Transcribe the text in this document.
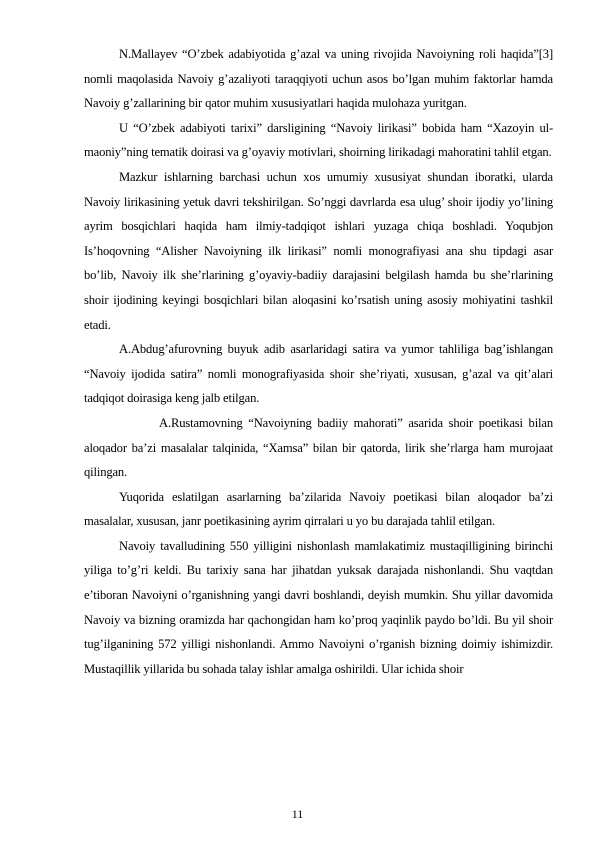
N.Mallayev “O’zbek adabiyotida g’azal va uning rivojida Navoiyning roli haqida”[3] nomli maqolasida Navoiy g’azaliyoti taraqqiyoti uchun asos bo’lgan muhim faktorlar hamda Navoiy g’zallarining bir qator muhim xususiyatlari haqida mulohaza yuritgan.

U “O’zbek adabiyoti tarixi” darsligining “Navoiy lirikasi” bobida ham “Xazoyin ul-maoniy”ning tematik doirasi va g’oyaviy motivlari, shoirning lirikadagi mahoratini tahlil etgan.

Mazkur ishlarning barchasi uchun xos umumiy xususiyat shundan iboratki, ularda Navoiy lirikasining yetuk davri tekshirilgan. So’nggi davrlarda esa ulug’ shoir ijodiy yo’lining ayrim bosqichlari haqida ham ilmiy-tadqiqot ishlari yuzaga chiqa boshladi. Yoqubjon Is’hoqovning “Alisher Navoiyning ilk lirikasi” nomli monografiyasi ana shu tipdagi asar bo’lib, Navoiy ilk she’rlarining g’oyaviy-badiiy darajasini belgilash hamda bu she’rlarining shoir ijodining keyingi bosqichlari bilan aloqasini ko’rsatish uning asosiy mohiyatini tashkil etadi.

A.Abdug’afurovning buyuk adib asarlaridagi satira va yumor tahliliga bag’ishlangan “Navoiy ijodida satira” nomli monografiyasida shoir she’riyati, xususan, g’azal va qit’alari tadqiqot doirasiga keng jalb etilgan.

A.Rustamovning “Navoiyning badiiy mahorati” asarida shoir poetikasi bilan aloqador ba’zi masalalar talqinida, “Xamsa” bilan bir qatorda, lirik she’rlarga ham murojaat qilingan.

Yuqorida eslatilgan asarlarning ba’zilarida Navoiy poetikasi bilan aloqador ba’zi masalalar, xususan, janr poetikasining ayrim qirralari u yo bu darajada tahlil etilgan.

Navoiy tavalludining 550 yilligini nishonlash mamlakatimiz mustaqilligining birinchi yiliga to’g’ri keldi. Bu tarixiy sana har jihatdan yuksak darajada nishonlandi. Shu vaqtdan e’tiboran Navoiyni o’rganishning yangi davri boshlandi, deyish mumkin. Shu yillar davomida Navoiy va bizning oramizda har qachongidan ham ko’proq yaqinlik paydo bo’ldi. Bu yil shoir tug’ilganining 572 yilligi nishonlandi. Ammo Navoiyni o’rganish bizning doimiy ishimizdir. Mustaqillik yillarida bu sohada talay ishlar amalga oshirildi. Ular ichida shoir

11
